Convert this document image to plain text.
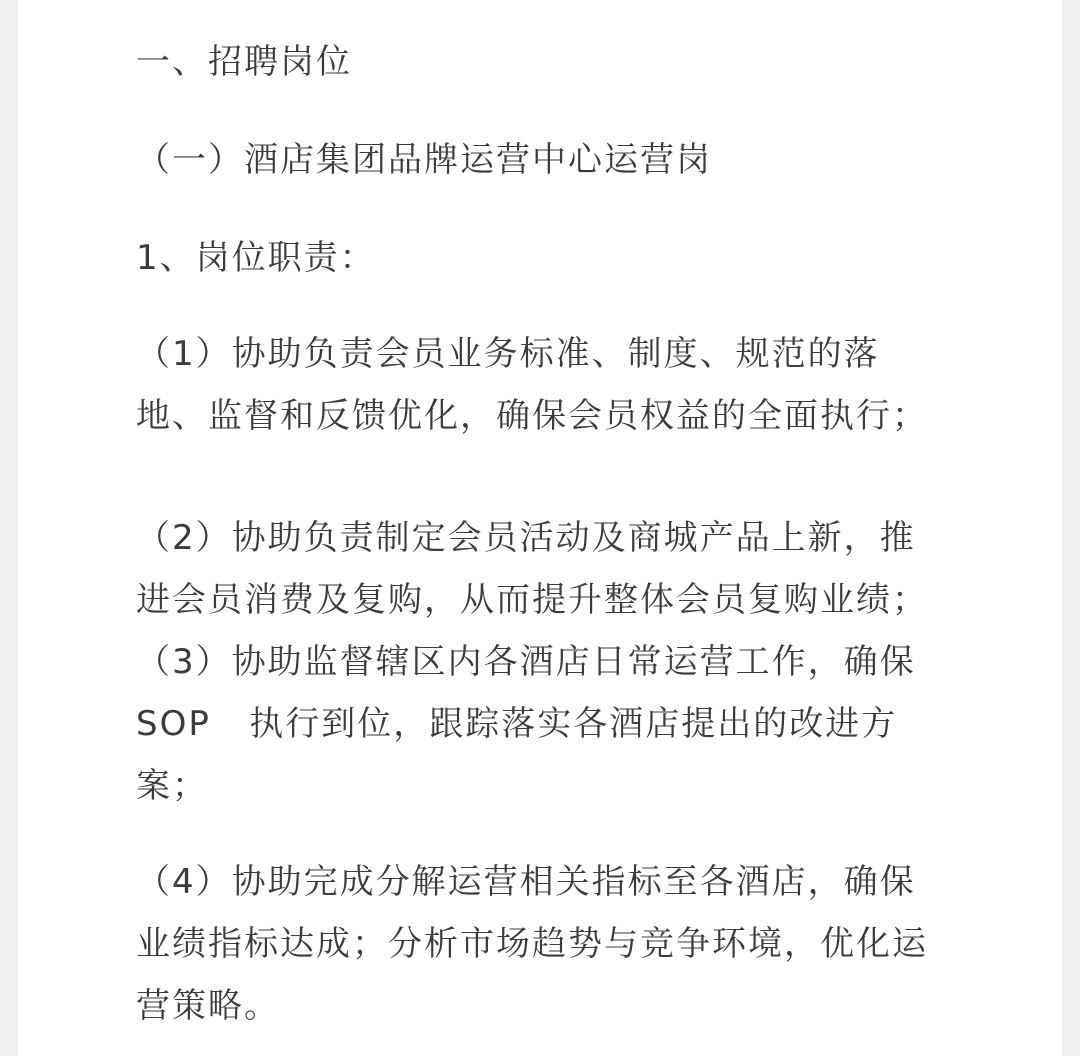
一、招聘岗位

（一）酒店集团品牌运营中心运营岗

1、岗位职责：

（1）协助负责会员业务标准、制度、规范的落

地、监督和反馈优化，确保会员权益的全面执行；

（2）协助负责制定会员活动及商城产品上新，推

进会员消费及复购，从而提升整体会员复购业绩；

（3）协助监督辖区内各酒店日常运营工作，确保

SOP   执行到位，跟踪落实各酒店提出的改进方

案；

（4）协助完成分解运营相关指标至各酒店，确保

业绩指标达成；分析市场趋势与竞争环境，优化运

营策略。
